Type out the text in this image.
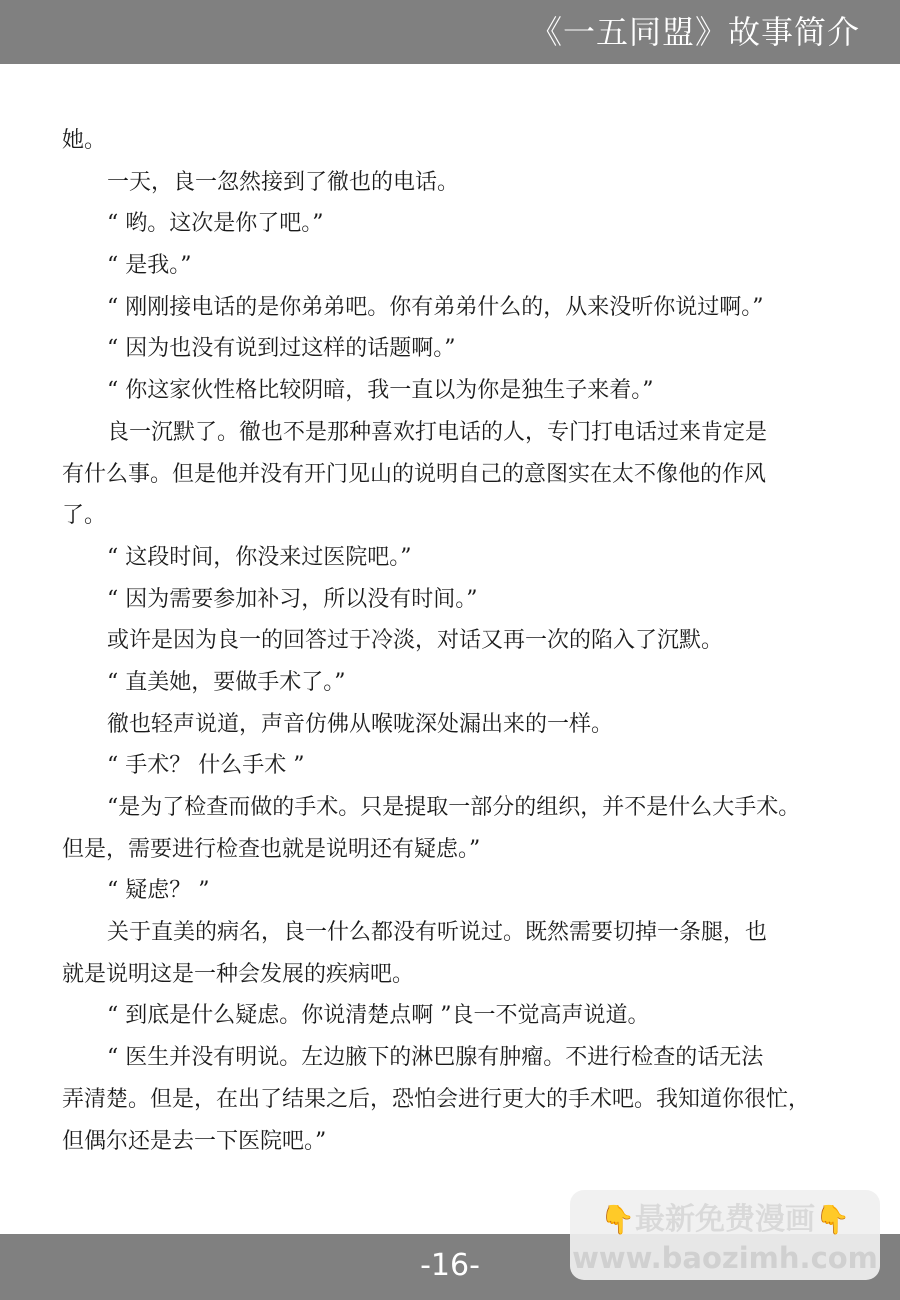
《一五同盟》故事简介
她。
一天，良一忽然接到了徹也的电话。
“ 哟。这次是你了吧。”
“ 是我。”
“ 刚刚接电话的是你弟弟吧。你有弟弟什么的，从来没听你说过啊。”
“ 因为也没有说到过这样的话题啊。”
“ 你这家伙性格比较阴暗，我一直以为你是独生子来着。”
良一沉默了。徹也不是那种喜欢打电话的人，专门打电话过来肯定是
有什么事。但是他并没有开门见山的说明自己的意图实在太不像他的作风
了。
“ 这段时间，你没来过医院吧。”
“ 因为需要参加补习，所以没有时间。”
或许是因为良一的回答过于冷淡，对话又再一次的陷入了沉默。
“ 直美她，要做手术了。”
徹也轻声说道，声音仿佛从喉咙深处漏出来的一样。
“ 手术？ 什么手术 ”
“是为了检查而做的手术。只是提取一部分的组织，并不是什么大手术。
但是，需要进行检查也就是说明还有疑虑。”
“ 疑虑？ ”
关于直美的病名，良一什么都没有听说过。既然需要切掉一条腿，也
就是说明这是一种会发展的疾病吧。
“ 到底是什么疑虑。你说清楚点啊 ”良一不觉高声说道。
“ 医生并没有明说。左边腋下的淋巴腺有肿瘤。不进行检查的话无法
弄清楚。但是，在出了结果之后，恐怕会进行更大的手术吧。我知道你很忙，
但偶尔还是去一下医院吧。”
-16-
👇最新免费漫画👇
www.baozimh.com
